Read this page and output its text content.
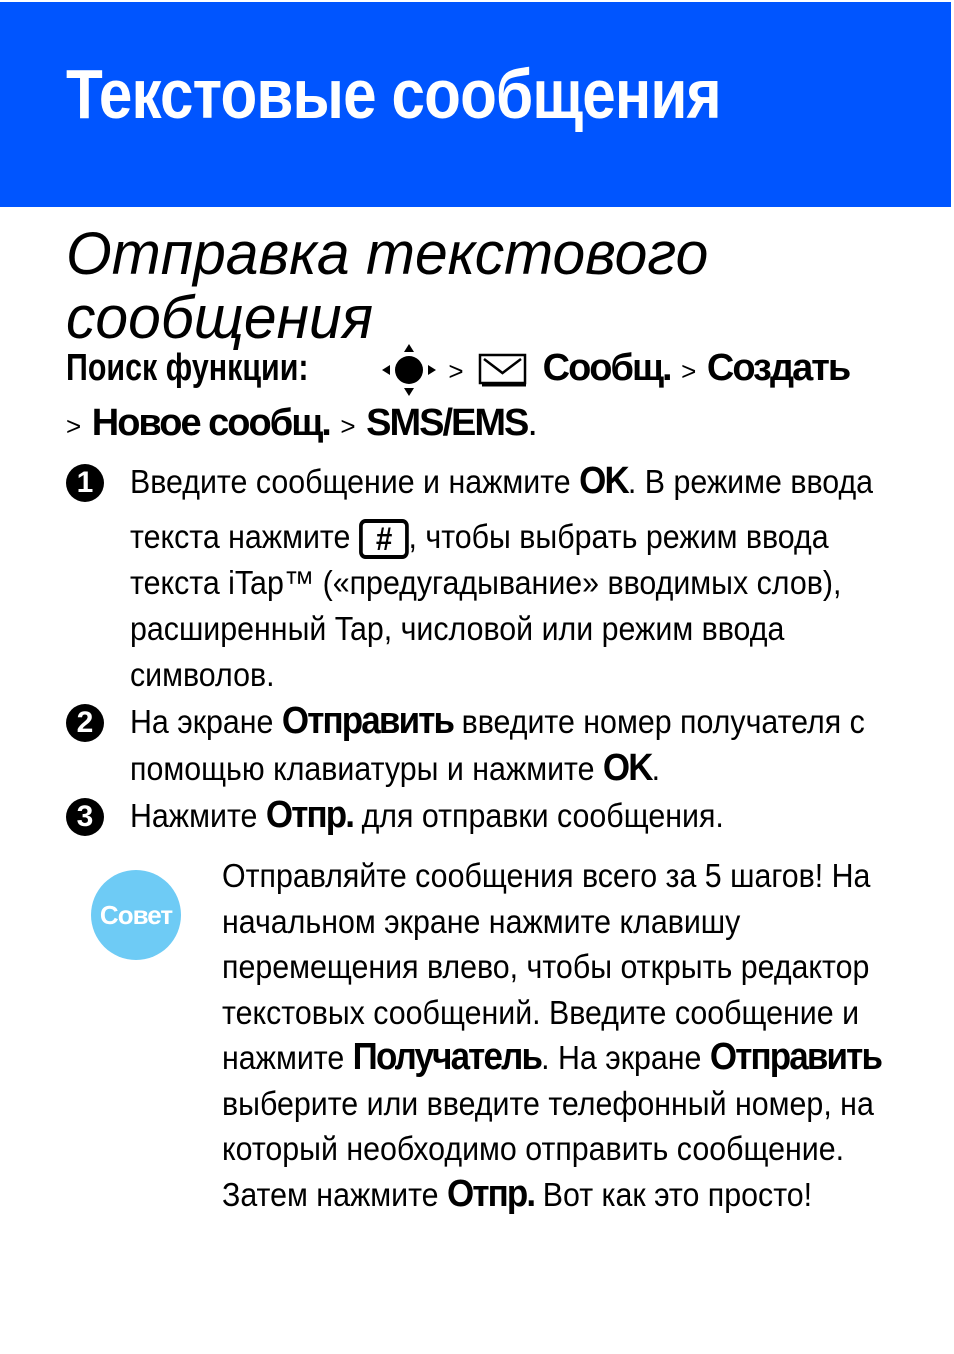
Текстовые сообщения
Отправка текстового
сообщения
Поиск функции:	> Сообщ. > Создать
> Новое сообщ. > SMS/EMS.
1	Введите сообщение и нажмите OK. В режиме ввода текста нажмите # , чтобы выбрать режим ввода текста iTap™ («предугадывание» вводимых слов), расширенный Tap, числовой или режим ввода символов.
2	На экране Отправить введите номер получателя с помощью клавиатуры и нажмите OK.
3	Нажмите Отпр. для отправки сообщения.
Совет
Отправляйте сообщения всего за 5 шагов! На начальном экране нажмите клавишу перемещения влево, чтобы открыть редактор текстовых сообщений. Введите сообщение и нажмите Получатель. На экране Отправить выберите или введите телефонный номер, на который необходимо отправить сообщение. Затем нажмите Отпр. Вот как это просто!
